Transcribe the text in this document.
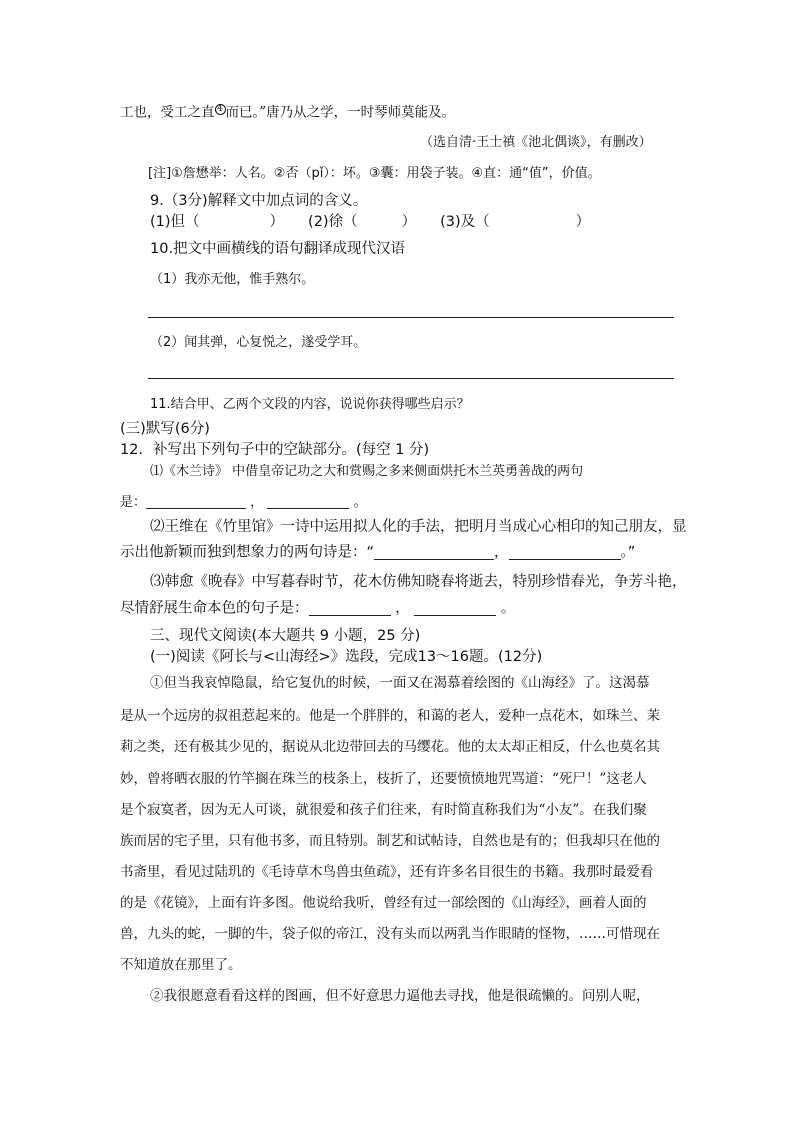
工也，受工之直 4 而已。”唐乃从之学，一时琴师莫能及。
（选自清·王士禛《池北偶谈》，有删改）
[注]①詹懋举：人名。②否（pǐ）：坏。③囊：用袋子装。④直：通“值”，价值。
9.（3分)解释文中加点词的含义。
(1)但（	） (2)徐（	） (3)及（	）
10.把文中画横线的语句翻译成现代汉语
（1）我亦无他，惟手熟尔。
（2）闻其弹，心复悦之，遂受学耳。
11.结合甲、乙两个文段的内容，说说你获得哪些启示？
(三)默写(6分)
12．补写出下列句子中的空缺部分。(每空 1 分)
⑴《木兰诗》 中借皇帝记功之大和赏赐之多来侧面烘托木兰英勇善战的两句
是：	，	。
⑵王维在《竹里馆》一诗中运用拟人化的手法，把明月当成心心相印的知己朋友，显
示出他新颖而独到想象力的两句诗是：“	，	。”
⑶韩愈《晚春》中写暮春时节，花木仿佛知晓春将逝去，特别珍惜春光，争芳斗艳，
尽情舒展生命本色的句子是：	，	。
三、现代文阅读(本大题共 9 小题，25 分)
(一)阅读《阿长与<山海经>》选段，完成13～16题。(12分)
①但当我哀悼隐鼠，给它复仇的时候，一面又在渴慕着绘图的《山海经》了。这渴慕
是从一个远房的叔祖惹起来的。他是一个胖胖的，和蔼的老人，爱种一点花木，如珠兰、茉
莉之类，还有极其少见的，据说从北边带回去的马缨花。他的太太却正相反，什么也莫名其
妙，曾将晒衣服的竹竿搁在珠兰的枝条上，枝折了，还要愤愤地咒骂道：“死尸！”这老人
是个寂寞者，因为无人可谈，就很爱和孩子们往来，有时简直称我们为“小友”。在我们聚
族而居的宅子里，只有他书多，而且特别。制艺和试帖诗，自然也是有的；但我却只在他的
书斋里，看见过陆玑的《毛诗草木鸟兽虫鱼疏》，还有许多名目很生的书籍。我那时最爱看
的是《花镜》，上面有许多图。他说给我听，曾经有过一部绘图的《山海经》，画着人面的
兽，九头的蛇，一脚的牛，袋子似的帝江，没有头而以两乳当作眼睛的怪物，……可惜现在
不知道放在那里了。
②我很愿意看看这样的图画，但不好意思力逼他去寻找，他是很疏懒的。问别人呢，
